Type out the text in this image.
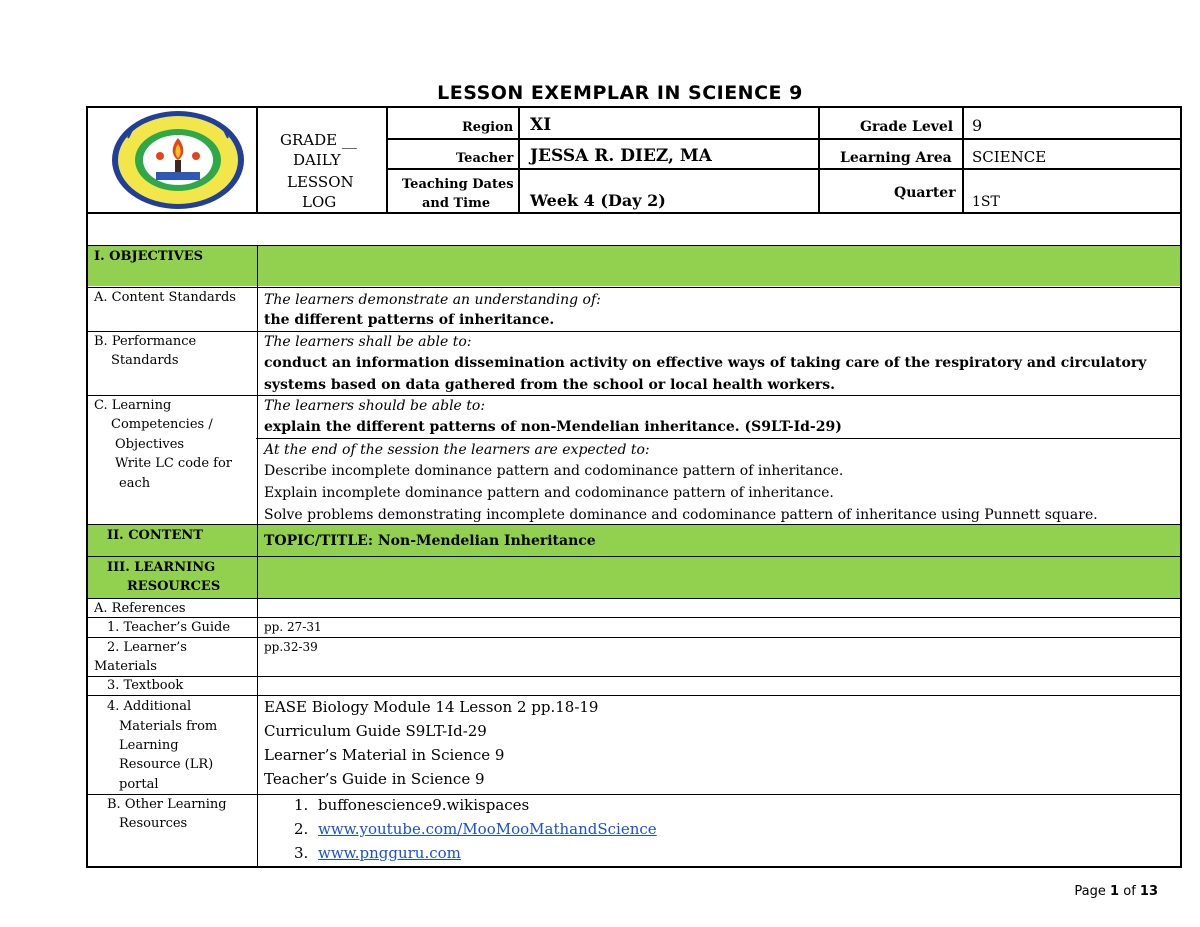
LESSON EXEMPLAR IN SCIENCE 9
GRADE __
DAILY
LESSON
LOG
Region XI
Teacher JESSA R. DIEZ, MA
Teaching Dates
and Time Week 4 (Day 2)
Grade Level 9
Learning Area SCIENCE
Quarter
1ST
I. OBJECTIVES
A. Content Standards The learners demonstrate an understanding of:
the different patterns of inheritance.
B. Performance
Standards
The learners shall be able to:
conduct an information dissemination activity on effective ways of taking care of the respiratory and circulatory
systems based on data gathered from the school or local health workers.
C. Learning
Competencies /
Objectives
Write LC code for
each
The learners should be able to:
explain the different patterns of non-Mendelian inheritance. (S9LT-Id-29)
At the end of the session the learners are expected to:
Describe incomplete dominance pattern and codominance pattern of inheritance.
Explain incomplete dominance pattern and codominance pattern of inheritance.
Solve problems demonstrating incomplete dominance and codominance pattern of inheritance using Punnett square.
II. CONTENT	TOPIC/TITLE: Non-Mendelian Inheritance
III. LEARNING
RESOURCES
A. References
1. Teacher’s Guide	pp. 27-31
2. Learner’s
Materials
pp.32-39
3. Textbook
4. Additional
Materials from
Learning
Resource (LR)
portal
EASE Biology Module 14 Lesson 2 pp.18-19
Curriculum Guide S9LT-Id-29
Learner’s Material in Science 9
Teacher’s Guide in Science 9
B. Other Learning
Resources
1. buffonescience9.wikispaces
2. www.youtube.com/MooMooMathandScience
3. www.pngguru.com
Page 1 of 13
